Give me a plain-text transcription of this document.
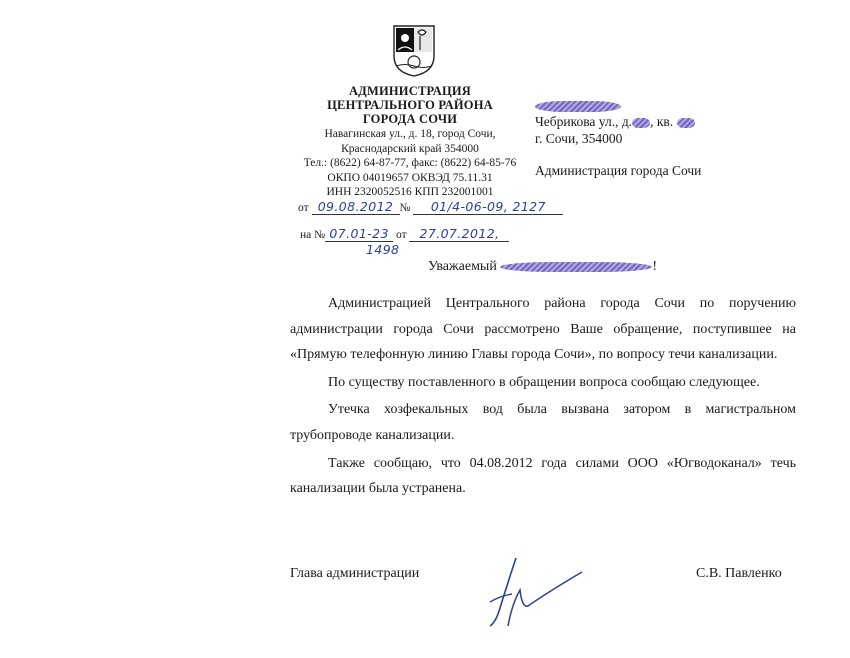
АДМИНИСТРАЦИЯ
ЦЕНТРАЛЬНОГО РАЙОНА
ГОРОДА СОЧИ
Навагинская ул., д. 18, город Сочи,
Краснодарский край 354000
Тел.: (8622) 64-87-77, факс: (8622) 64-85-76
ОКПО 04019657 ОКВЭД 75.11.31
ИНН 2320052516 КПП 232001001
от 09.08.2012 № 01/4-06-09, 2127
на № 07.01-23 от 27.07.2012,
1498
Чебрикова ул., д. , кв.
г. Сочи, 354000
Администрация города Сочи
Уважаемый	!

Администрацией Центрального района города Сочи по поручению администрации города Сочи рассмотрено Ваше обращение, поступившее на «Прямую телефонную линию Главы города Сочи», по вопросу течи канализации.

По существу поставленного в обращении вопроса сообщаю следующее.

Утечка хозфекальных вод была вызвана затором в магистральном трубопроводе канализации.

Также сообщаю, что 04.08.2012 года силами ООО «Югводоканал» течь канализации была устранена.

Глава администрации	С.В. Павленко
